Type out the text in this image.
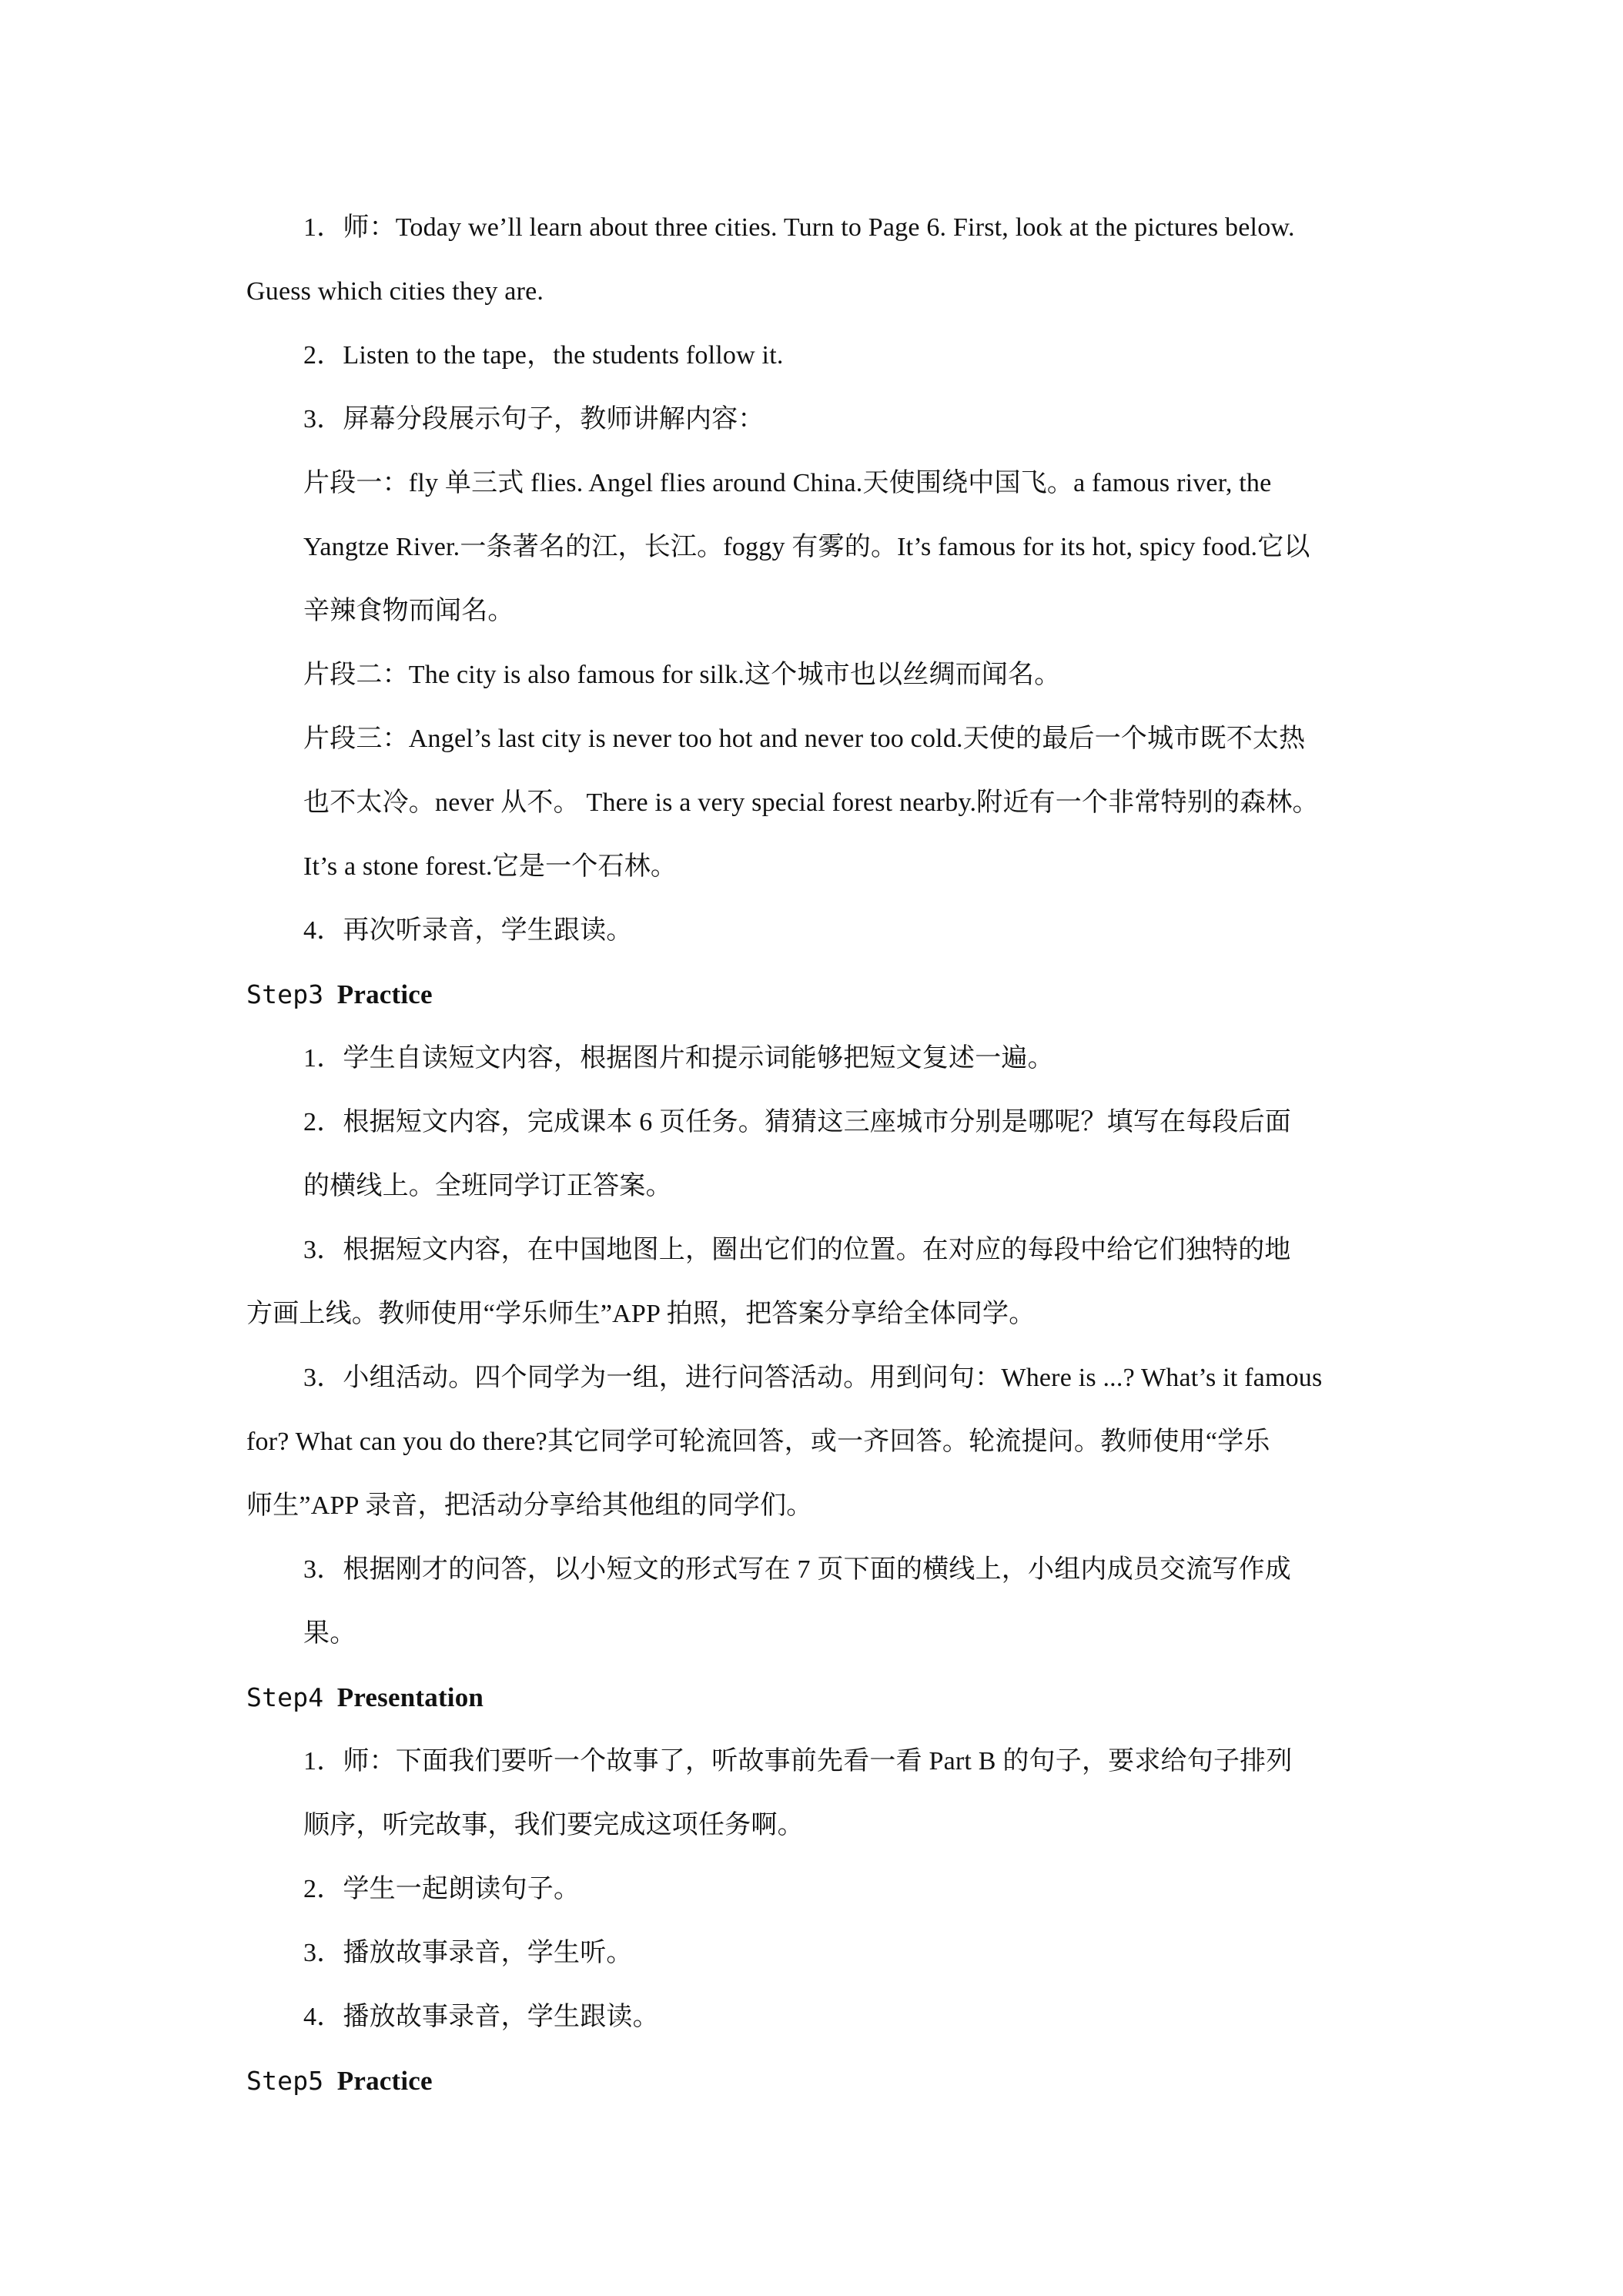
1．师：Today we’ll learn about three cities. Turn to Page 6. First, look at the pictures below.
Guess which cities they are.
2．Listen to the tape，the students follow it.
3．屏幕分段展示句子，教师讲解内容：
片段一：fly 单三式 flies. Angel flies around China.天使围绕中国飞。a famous river, the
Yangtze River.一条著名的江，长江。foggy 有雾的。It’s famous for its hot, spicy food.它以
辛辣食物而闻名。
片段二：The city is also famous for silk.这个城市也以丝绸而闻名。
片段三：Angel’s last city is never too hot and never too cold.天使的最后一个城市既不太热
也不太冷。never 从不。 There is a very special forest nearby.附近有一个非常特别的森林。
It’s a stone forest.它是一个石林。
4．再次听录音，学生跟读。
Step3 Practice
1．学生自读短文内容，根据图片和提示词能够把短文复述一遍。
2．根据短文内容，完成课本 6 页任务。猜猜这三座城市分别是哪呢？填写在每段后面
的横线上。全班同学订正答案。
3．根据短文内容，在中国地图上，圈出它们的位置。在对应的每段中给它们独特的地
方画上线。教师使用“学乐师生”APP 拍照，把答案分享给全体同学。
3．小组活动。四个同学为一组，进行问答活动。用到问句：Where is ...? What’s it famous
for? What can you do there?其它同学可轮流回答，或一齐回答。轮流提问。教师使用“学乐
师生”APP 录音，把活动分享给其他组的同学们。
3．根据刚才的问答，以小短文的形式写在 7 页下面的横线上，小组内成员交流写作成
果。
Step4 Presentation
1．师：下面我们要听一个故事了，听故事前先看一看 Part B 的句子，要求给句子排列
顺序，听完故事，我们要完成这项任务啊。
2．学生一起朗读句子。
3．播放故事录音，学生听。
4．播放故事录音，学生跟读。
Step5 Practice
